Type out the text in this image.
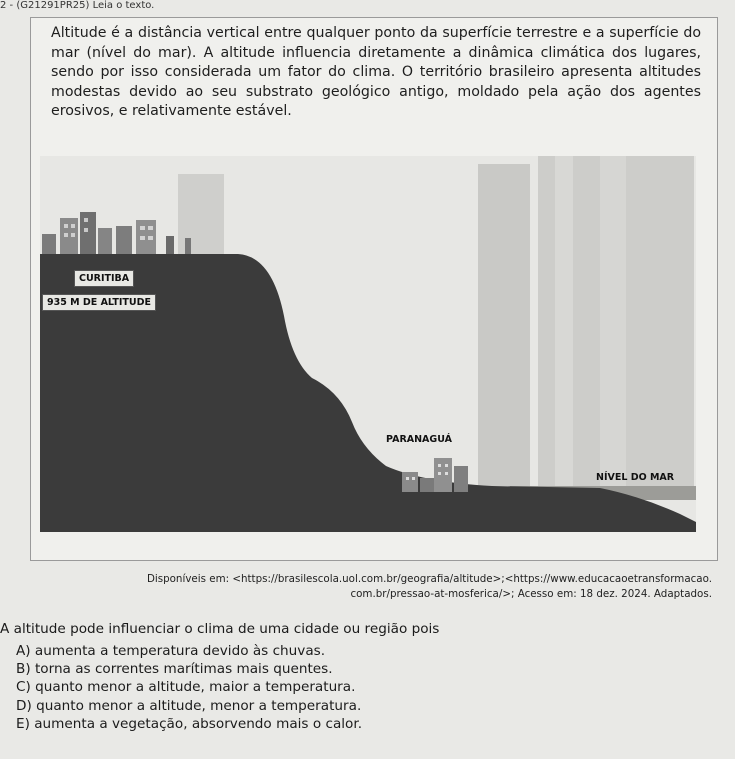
2 - (G21291PR25) Leia o texto.
Altitude é a distância vertical entre qualquer ponto da superfície terrestre e a superfície do mar (nível do mar). A altitude influencia diretamente a dinâmica climática dos lugares, sendo por isso considerada um fator do clima. O território brasileiro apresenta altitudes modestas devido ao seu substrato geológico antigo, moldado pela ação dos agentes erosivos, e relativamente estável.
CURITIBA
935 M DE ALTITUDE
PARANAGUÁ
NÍVEL DO MAR
Disponíveis em: <https://brasilescola.uol.com.br/geografia/altitude>;<https://www.educacaoetransformacao.
com.br/pressao-at-mosferica/>; Acesso em: 18 dez. 2024. Adaptados.
A altitude pode influenciar o clima de uma cidade ou região pois
A) aumenta a temperatura devido às chuvas.
B) torna as correntes marítimas mais quentes.
C) quanto menor a altitude, maior a temperatura.
D) quanto menor a altitude, menor a temperatura.
E) aumenta a vegetação, absorvendo mais o calor.
